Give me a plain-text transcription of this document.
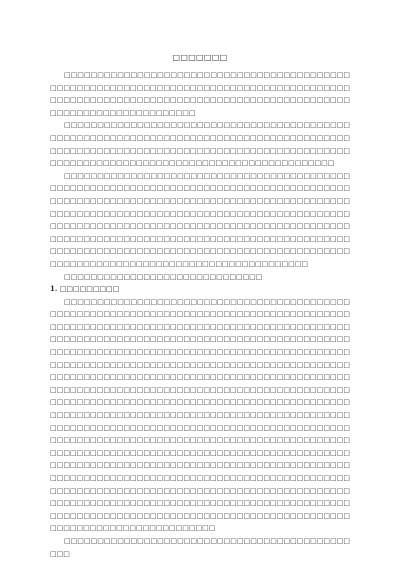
□□□□□□□

□□□□□□□□□□□□□□□□□□□□□□□□□□□□□□□□□□□□□□□□□□□□□□□□□□□□□□□□□□□□□□□□□□□□□□□□□□□□□□□□□□□□□□□□□□□□□□□□□□□□□□□□□□□□□□□□□□□□□□□□□□□□□□□□□□□□□□□□□□□□□□□□□□□□□□□□□□□

□□□□□□□□□□□□□□□□□□□□□□□□□□□□□□□□□□□□□□□□□□□□□□□□□□□□□□□□□□□□□□□□□□□□□□□□□□□□□□□□□□□□□□□□□□□□□□□□□□□□□□□□□□□□□□□□□□□□□□□□□□□□□□□□□□□□□□□□□□□□□□□□□□□□□□□□□□□□□□□□□□□□□□□□□□□□□□□□

□□□□□□□□□□□□□□□□□□□□□□□□□□□□□□□□□□□□□□□□□□□□□□□□□□□□□□□□□□□□□□□□□□□□□□□□□□□□□□□□□□□□□□□□□□□□□□□□□□□□□□□□□□□□□□□□□□□□□□□□□□□□□□□□□□□□□□□□□□□□□□□□□□□□□□□□□□□□□□□□□□□□□□□□□□□□□□□□□□□□□□□□□□□□□□□□□□□□□□□□□□□□□□□□□□□□□□□□□□□□□□□□□□□□□□□□□□□□□□□□□□□□□□□□□□□□□□□□□□□□□□□□□□□□□□□□□□□□□□□□□□□□□□□□□□□□□□□□□□□□□□□□□□□□□□□□□□□□□□□□□□□□□□□□□□□□□□□□□□□□□□□□□□□□□□□□

□□□□□□□□□□□□□□□□□□□□□□□□□□□□□□

1. □□□□□□□□□

□□□□□□□□□□□□□□□□□□□□□□□□□□□□□□□□□□□□□□□□□□□□□□□□□□□□□□□□□□□□□□□□□□□□□□□□□□□□□□□□□□□□□□□□□□□□□□□□□□□□□□□□□□□□□□□□□□□□□□□□□□□□□□□□□□□□□□□□□□□□□□□□□□□□□□□□□□□□□□□□□□□□□□□□□□□□□□□□□□□□□□□□□□□□□□□□□□□□□□□□□□□□□□□□□□□□□□□□□□□□□□□□□□□□□□□□□□□□□□□□□□□□□□□□□□□□□□□□□□□□□□□□□□□□□□□□□□□□□□□□□□□□□□□□□□□□□□□□□□□□□□□□□□□□□□□□□□□□□□□□□□□□□□□□□□□□□□□□□□□□□□□□□□□□□□□□□□□□□□□□□□□□□□□□□□□□□□□□□□□□□□□□□□□□□□□□□□□□□□□□□□□□□□□□□□□□□□□□□□□□□□□□□□□□□□□□□□□□□□□□□□□□□□□□□□□□□□□□□□□□□□□□□□□□□□□□□□□□□□□□□□□□□□□□□□□□□□□□□□□□□□□□□□□□□□□□□□□□□□□□□□□□□□□□□□□□□□□□□□□□□□□□□□□□□□□□□□□□□□□□□□□□□□□□□□□□□□□□□□□□□□□□□□□□□□□□□□□□□□□□□□□□□□□□□□□□□□□□□□□□□□□□□□□□□□□□□□□□□□□□□□□□□□□□□□□□□□□□□□□□□□□□□□□□□□□□□□□□□□□□□□□□□□□□□□□□□□□□□□□□□□□□□□□□□□□□□□□□□□□□□□□□□□□□□□□□□□□□□□□□□□□□□□□□□□□□□□□□□□□□□□□□□□□□□□□□□□□□□□□□□□□□□□□□□□□□□□□□□□□□□□□□□□□□□□□□□□□□□□□□□□□□□□□□□□□□□

□□□□□□□□□□□□□□□□□□□□□□□□□□□□□□□□□□□□□□□□□□□□□□
